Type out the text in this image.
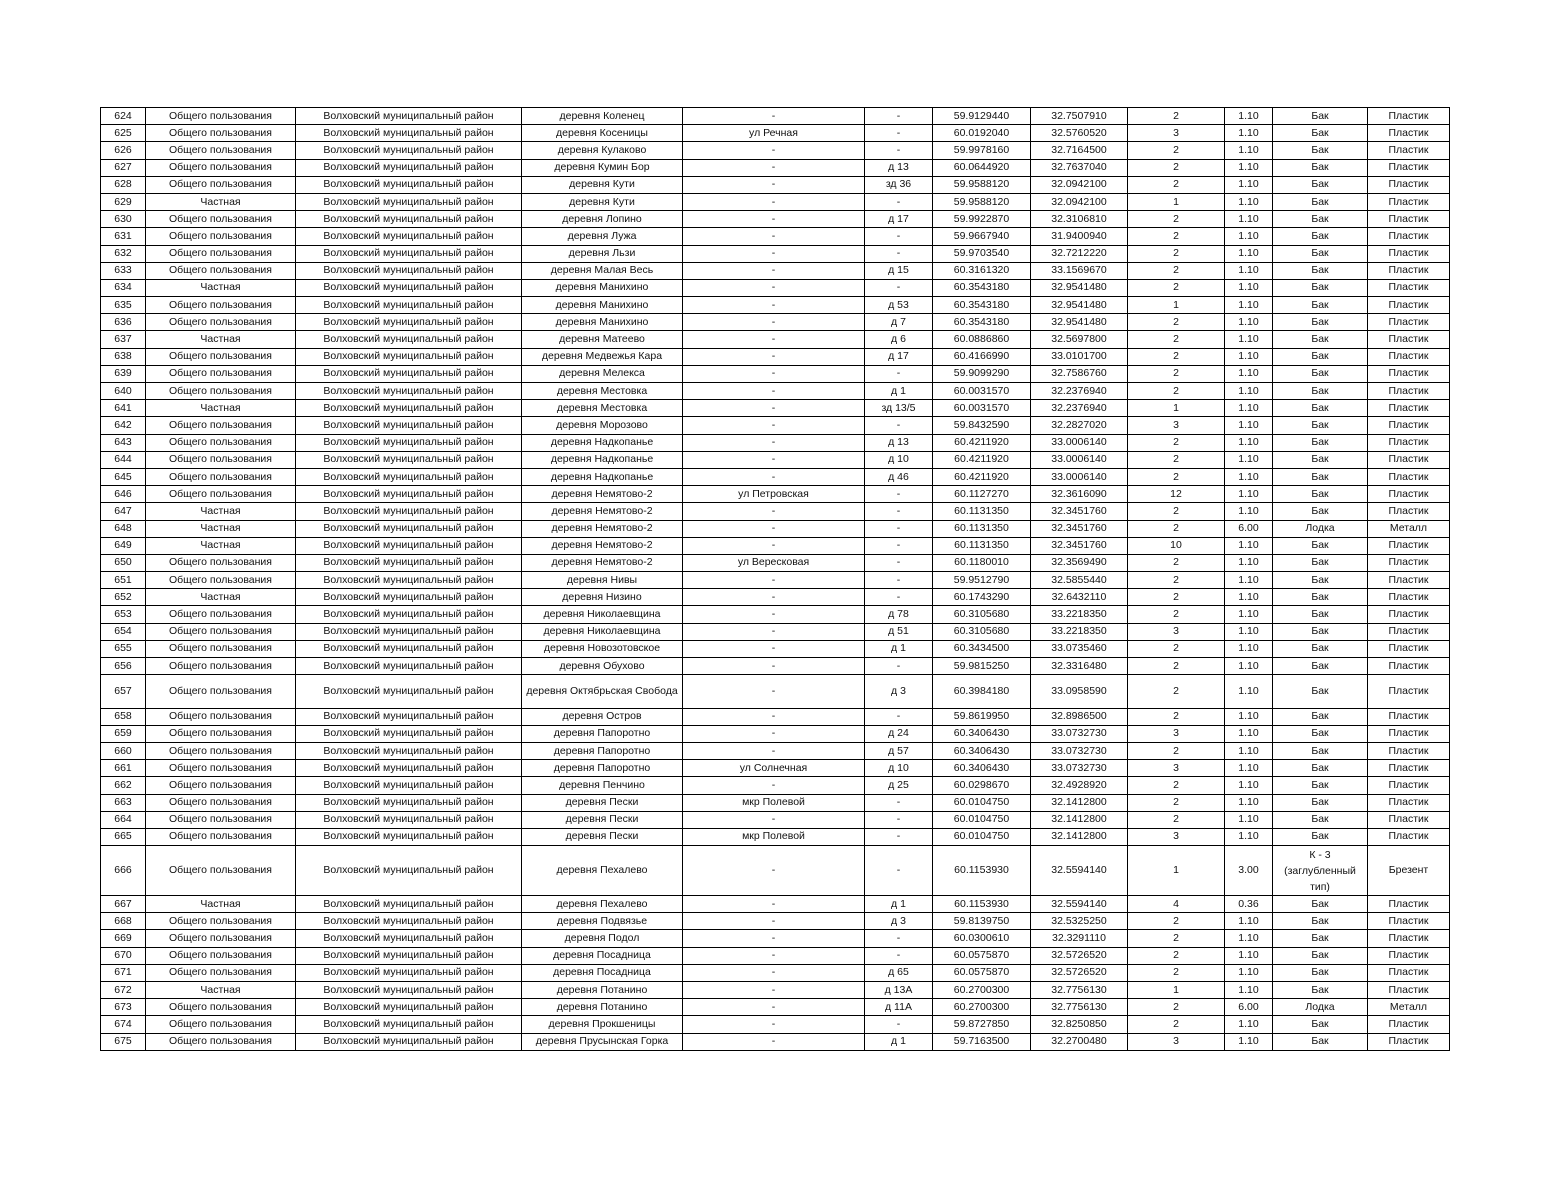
624	Общего пользования	Волховский муниципальный район	деревня Коленец	-	-	59.9129440	32.7507910	2	1.10	Бак	Пластик
625	Общего пользования	Волховский муниципальный район	деревня Косеницы	ул Речная	-	60.0192040	32.5760520	3	1.10	Бак	Пластик
626	Общего пользования	Волховский муниципальный район	деревня Кулаково	-	-	59.9978160	32.7164500	2	1.10	Бак	Пластик
627	Общего пользования	Волховский муниципальный район	деревня Кумин Бор	-	д 13	60.0644920	32.7637040	2	1.10	Бак	Пластик
628	Общего пользования	Волховский муниципальный район	деревня Кути	-	зд 36	59.9588120	32.0942100	2	1.10	Бак	Пластик
629	Частная	Волховский муниципальный район	деревня Кути	-	-	59.9588120	32.0942100	1	1.10	Бак	Пластик
630	Общего пользования	Волховский муниципальный район	деревня Лопино	-	д 17	59.9922870	32.3106810	2	1.10	Бак	Пластик
631	Общего пользования	Волховский муниципальный район	деревня Лужа	-	-	59.9667940	31.9400940	2	1.10	Бак	Пластик
632	Общего пользования	Волховский муниципальный район	деревня Льзи	-	-	59.9703540	32.7212220	2	1.10	Бак	Пластик
633	Общего пользования	Волховский муниципальный район	деревня Малая Весь	-	д 15	60.3161320	33.1569670	2	1.10	Бак	Пластик
634	Частная	Волховский муниципальный район	деревня Манихино	-	-	60.3543180	32.9541480	2	1.10	Бак	Пластик
635	Общего пользования	Волховский муниципальный район	деревня Манихино	-	д 53	60.3543180	32.9541480	1	1.10	Бак	Пластик
636	Общего пользования	Волховский муниципальный район	деревня Манихино	-	д 7	60.3543180	32.9541480	2	1.10	Бак	Пластик
637	Частная	Волховский муниципальный район	деревня Матеево	-	д 6	60.0886860	32.5697800	2	1.10	Бак	Пластик
638	Общего пользования	Волховский муниципальный район	деревня Медвежья Кара	-	д 17	60.4166990	33.0101700	2	1.10	Бак	Пластик
639	Общего пользования	Волховский муниципальный район	деревня Мелекса	-	-	59.9099290	32.7586760	2	1.10	Бак	Пластик
640	Общего пользования	Волховский муниципальный район	деревня Местовка	-	д 1	60.0031570	32.2376940	2	1.10	Бак	Пластик
641	Частная	Волховский муниципальный район	деревня Местовка	-	зд 13/5	60.0031570	32.2376940	1	1.10	Бак	Пластик
642	Общего пользования	Волховский муниципальный район	деревня Морозово	-	-	59.8432590	32.2827020	3	1.10	Бак	Пластик
643	Общего пользования	Волховский муниципальный район	деревня Надкопанье	-	д 13	60.4211920	33.0006140	2	1.10	Бак	Пластик
644	Общего пользования	Волховский муниципальный район	деревня Надкопанье	-	д 10	60.4211920	33.0006140	2	1.10	Бак	Пластик
645	Общего пользования	Волховский муниципальный район	деревня Надкопанье	-	д 46	60.4211920	33.0006140	2	1.10	Бак	Пластик
646	Общего пользования	Волховский муниципальный район	деревня Немятово-2	ул Петровская	-	60.1127270	32.3616090	12	1.10	Бак	Пластик
647	Частная	Волховский муниципальный район	деревня Немятово-2	-	-	60.1131350	32.3451760	2	1.10	Бак	Пластик
648	Частная	Волховский муниципальный район	деревня Немятово-2	-	-	60.1131350	32.3451760	2	6.00	Лодка	Металл
649	Частная	Волховский муниципальный район	деревня Немятово-2	-	-	60.1131350	32.3451760	10	1.10	Бак	Пластик
650	Общего пользования	Волховский муниципальный район	деревня Немятово-2	ул Вересковая	-	60.1180010	32.3569490	2	1.10	Бак	Пластик
651	Общего пользования	Волховский муниципальный район	деревня Нивы	-	-	59.9512790	32.5855440	2	1.10	Бак	Пластик
652	Частная	Волховский муниципальный район	деревня Низино	-	-	60.1743290	32.6432110	2	1.10	Бак	Пластик
653	Общего пользования	Волховский муниципальный район	деревня Николаевщина	-	д 78	60.3105680	33.2218350	2	1.10	Бак	Пластик
654	Общего пользования	Волховский муниципальный район	деревня Николаевщина	-	д 51	60.3105680	33.2218350	3	1.10	Бак	Пластик
655	Общего пользования	Волховский муниципальный район	деревня Новозотовское	-	д 1	60.3434500	33.0735460	2	1.10	Бак	Пластик
656	Общего пользования	Волховский муниципальный район	деревня Обухово	-	-	59.9815250	32.3316480	2	1.10	Бак	Пластик
657	Общего пользования	Волховский муниципальный район	деревня Октябрьская Свобода	-	д 3	60.3984180	33.0958590	2	1.10	Бак	Пластик
658	Общего пользования	Волховский муниципальный район	деревня Остров	-	-	59.8619950	32.8986500	2	1.10	Бак	Пластик
659	Общего пользования	Волховский муниципальный район	деревня Папоротно	-	д 24	60.3406430	33.0732730	3	1.10	Бак	Пластик
660	Общего пользования	Волховский муниципальный район	деревня Папоротно	-	д 57	60.3406430	33.0732730	2	1.10	Бак	Пластик
661	Общего пользования	Волховский муниципальный район	деревня Папоротно	ул Солнечная	д 10	60.3406430	33.0732730	3	1.10	Бак	Пластик
662	Общего пользования	Волховский муниципальный район	деревня Пенчино	-	д 25	60.0298670	32.4928920	2	1.10	Бак	Пластик
663	Общего пользования	Волховский муниципальный район	деревня Пески	мкр Полевой	-	60.0104750	32.1412800	2	1.10	Бак	Пластик
664	Общего пользования	Волховский муниципальный район	деревня Пески	-	-	60.0104750	32.1412800	2	1.10	Бак	Пластик
665	Общего пользования	Волховский муниципальный район	деревня Пески	мкр Полевой	-	60.0104750	32.1412800	3	1.10	Бак	Пластик
666	Общего пользования	Волховский муниципальный район	деревня Пехалево	-	-	60.1153930	32.5594140	1	3.00	К - 3 (заглубленный тип)	Брезент
667	Частная	Волховский муниципальный район	деревня Пехалево	-	д 1	60.1153930	32.5594140	4	0.36	Бак	Пластик
668	Общего пользования	Волховский муниципальный район	деревня Подвязье	-	д 3	59.8139750	32.5325250	2	1.10	Бак	Пластик
669	Общего пользования	Волховский муниципальный район	деревня Подол	-	-	60.0300610	32.3291110	2	1.10	Бак	Пластик
670	Общего пользования	Волховский муниципальный район	деревня Посадница	-	-	60.0575870	32.5726520	2	1.10	Бак	Пластик
671	Общего пользования	Волховский муниципальный район	деревня Посадница	-	д 65	60.0575870	32.5726520	2	1.10	Бак	Пластик
672	Частная	Волховский муниципальный район	деревня Потанино	-	д 13А	60.2700300	32.7756130	1	1.10	Бак	Пластик
673	Общего пользования	Волховский муниципальный район	деревня Потанино	-	д 11А	60.2700300	32.7756130	2	6.00	Лодка	Металл
674	Общего пользования	Волховский муниципальный район	деревня Прокшеницы	-	-	59.8727850	32.8250850	2	1.10	Бак	Пластик
675	Общего пользования	Волховский муниципальный район	деревня Прусынская Горка	-	д 1	59.7163500	32.2700480	3	1.10	Бак	Пластик
